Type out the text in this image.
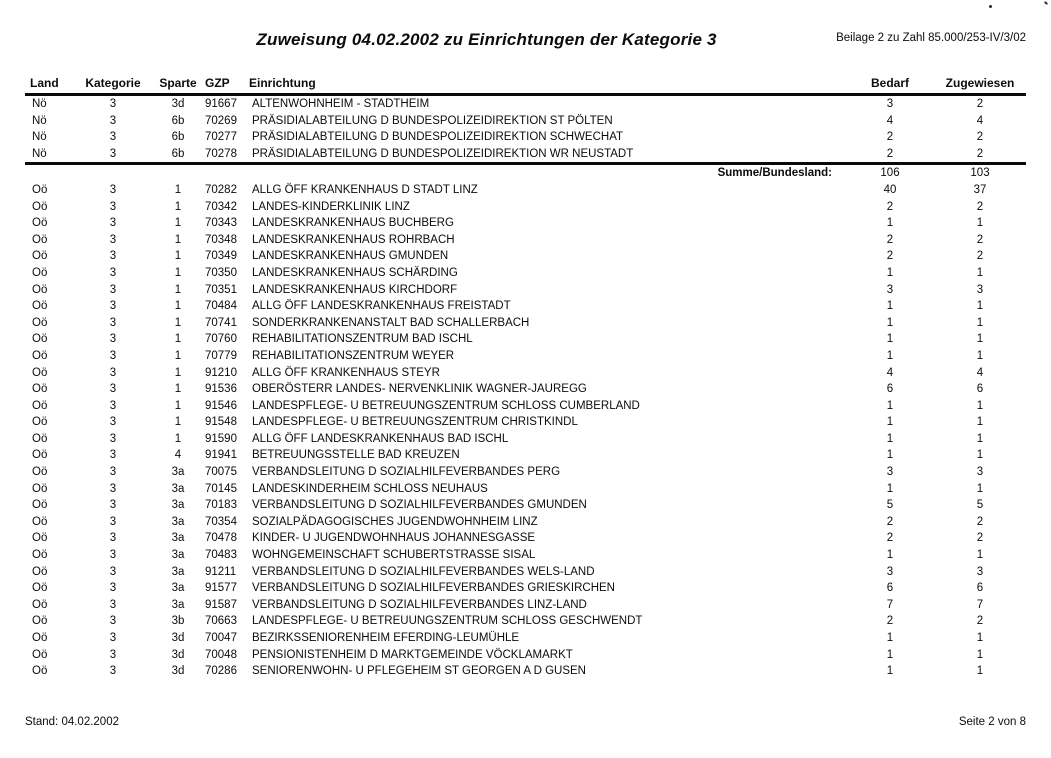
Zuweisung 04.02.2002 zu Einrichtungen der Kategorie 3	Beilage 2 zu Zahl 85.000/253-IV/3/02
Land	Kategorie	Sparte	GZP	Einrichtung	Bedarf	Zugewiesen
Nö	3	3d	91667	ALTENWOHNHEIM - STADTHEIM	3	2
Nö	3	6b	70269	PRÄSIDIALABTEILUNG D BUNDESPOLIZEIDIREKTION ST PÖLTEN	4	4
Nö	3	6b	70277	PRÄSIDIALABTEILUNG D BUNDESPOLIZEIDIREKTION SCHWECHAT	2	2
Nö	3	6b	70278	PRÄSIDIALABTEILUNG D BUNDESPOLIZEIDIREKTION WR NEUSTADT	2	2
Summe/Bundesland:					106	103
Oö	3	1	70282	ALLG ÖFF KRANKENHAUS D STADT LINZ	40	37
Oö	3	1	70342	LANDES-KINDERKLINIK LINZ	2	2
Oö	3	1	70343	LANDESKRANKENHAUS BUCHBERG	1	1
Oö	3	1	70348	LANDESKRANKENHAUS ROHRBACH	2	2
Oö	3	1	70349	LANDESKRANKENHAUS GMUNDEN	2	2
Oö	3	1	70350	LANDESKRANKENHAUS SCHÄRDING	1	1
Oö	3	1	70351	LANDESKRANKENHAUS KIRCHDORF	3	3
Oö	3	1	70484	ALLG ÖFF LANDESKRANKENHAUS FREISTADT	1	1
Oö	3	1	70741	SONDERKRANKENANSTALT BAD SCHALLERBACH	1	1
Oö	3	1	70760	REHABILITATIONSZENTRUM BAD ISCHL	1	1
Oö	3	1	70779	REHABILITATIONSZENTRUM WEYER	1	1
Oö	3	1	91210	ALLG ÖFF KRANKENHAUS STEYR	4	4
Oö	3	1	91536	OBERÖSTERR LANDES- NERVENKLINIK WAGNER-JAUREGG	6	6
Oö	3	1	91546	LANDESPFLEGE- U BETREUUNGSZENTRUM SCHLOSS CUMBERLAND	1	1
Oö	3	1	91548	LANDESPFLEGE- U BETREUUNGSZENTRUM CHRISTKINDL	1	1
Oö	3	1	91590	ALLG ÖFF LANDESKRANKENHAUS BAD ISCHL	1	1
Oö	3	4	91941	BETREUUNGSSTELLE BAD KREUZEN	1	1
Oö	3	3a	70075	VERBANDSLEITUNG D SOZIALHILFEVERBANDES PERG	3	3
Oö	3	3a	70145	LANDESKINDERHEIM SCHLOSS NEUHAUS	1	1
Oö	3	3a	70183	VERBANDSLEITUNG D SOZIALHILFEVERBANDES GMUNDEN	5	5
Oö	3	3a	70354	SOZIALPÄDAGOGISCHES JUGENDWOHNHEIM LINZ	2	2
Oö	3	3a	70478	KINDER- U JUGENDWOHNHAUS JOHANNESGASSE	2	2
Oö	3	3a	70483	WOHNGEMEINSCHAFT SCHUBERTSTRASSE SISAL	1	1
Oö	3	3a	91211	VERBANDSLEITUNG D SOZIALHILFEVERBANDES WELS-LAND	3	3
Oö	3	3a	91577	VERBANDSLEITUNG D SOZIALHILFEVERBANDES GRIESKIRCHEN	6	6
Oö	3	3a	91587	VERBANDSLEITUNG D SOZIALHILFEVERBANDES LINZ-LAND	7	7
Oö	3	3b	70663	LANDESPFLEGE- U BETREUUNGSZENTRUM SCHLOSS GESCHWENDT	2	2
Oö	3	3d	70047	BEZIRKSSENIORENHEIM EFERDING-LEUMÜHLE	1	1
Oö	3	3d	70048	PENSIONISTENHEIM D MARKTGEMEINDE VÖCKLAMARKT	1	1
Oö	3	3d	70286	SENIORENWOHN- U PFLEGEHEIM ST GEORGEN A D GUSEN	1	1
Stand: 04.02.2002	Seite 2 von 8
